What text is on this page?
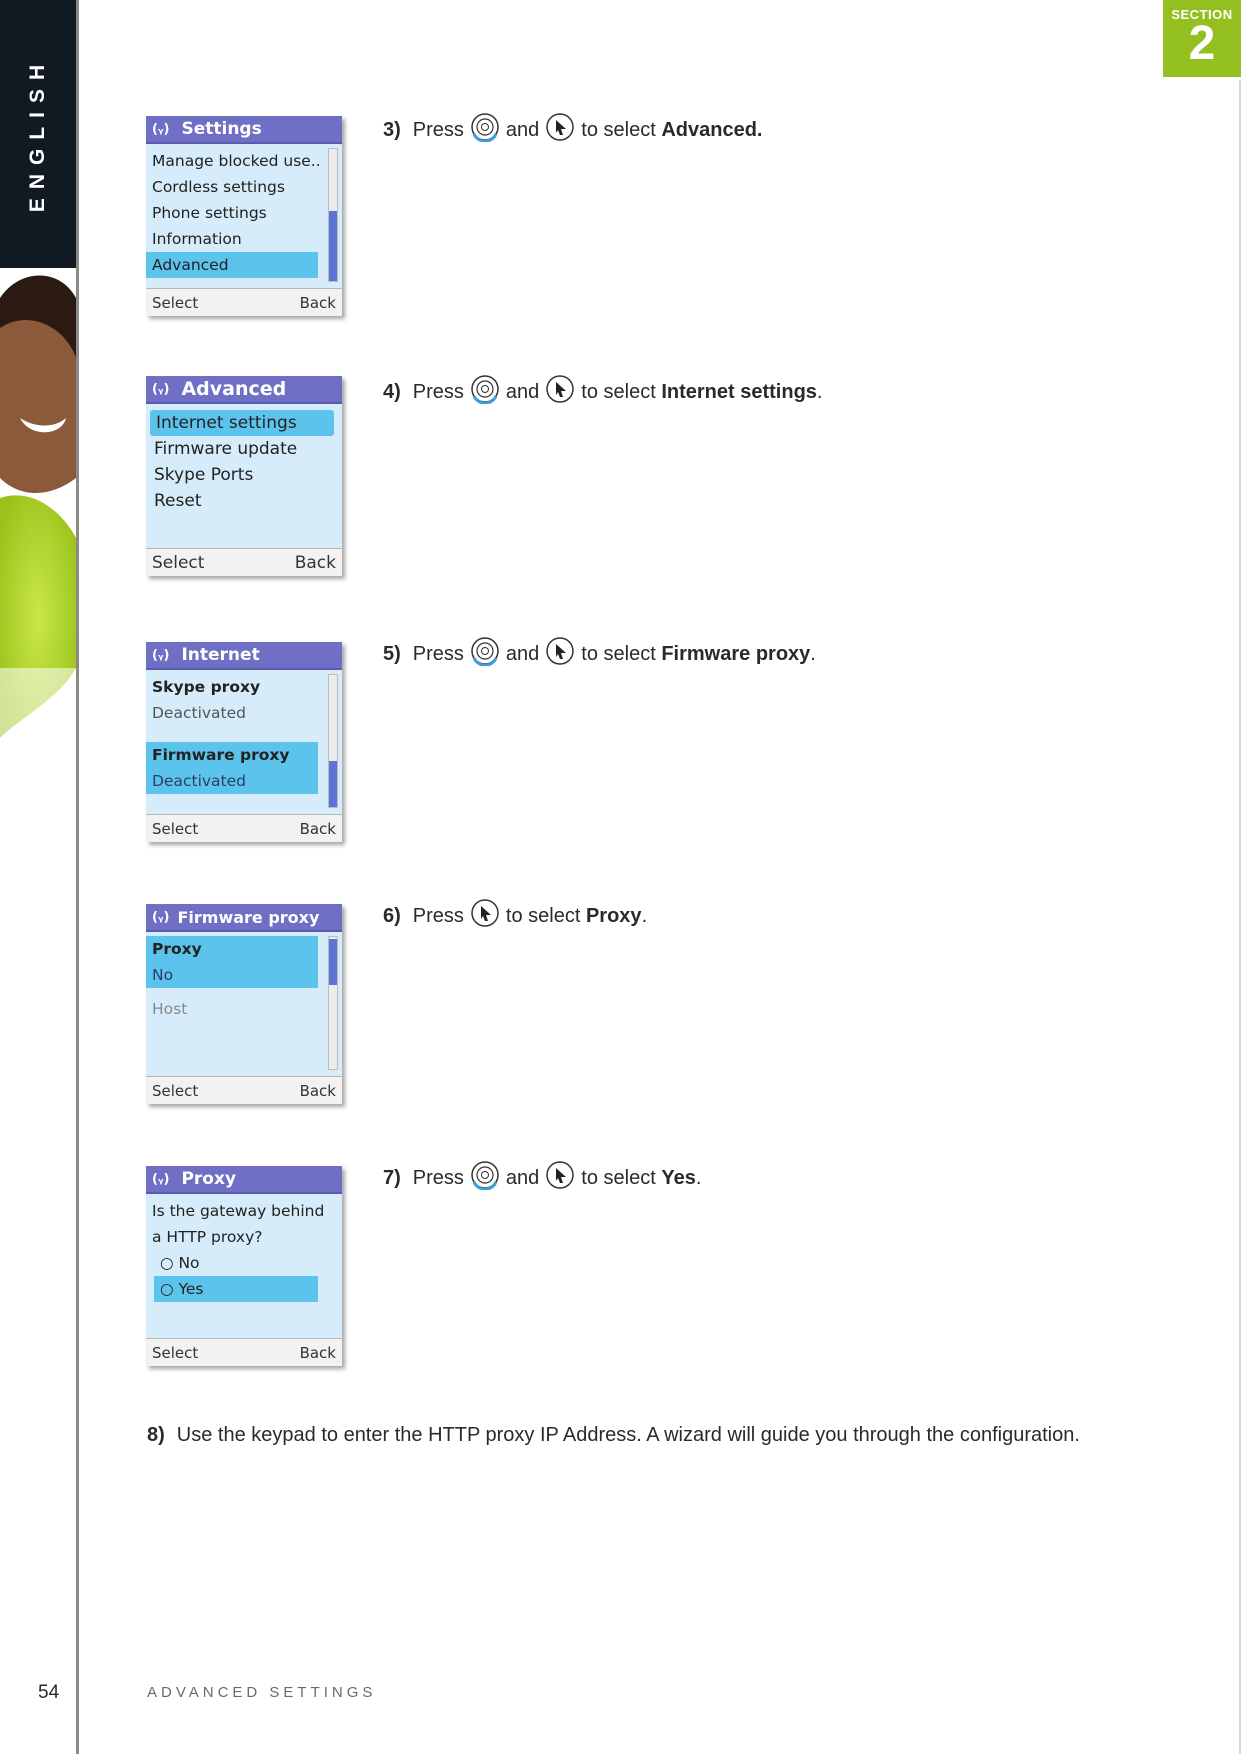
ENGLISH
54
SECTION
2
(ᵧ) Settings
Manage blocked use..
Cordless settings
Phone settings
Information
Advanced
Select	Back
(ᵧ) Advanced
Internet settings
Firmware update
Skype Ports
Reset
Select	Back
(ᵧ) Internet
Skype proxy
Deactivated
Firmware proxy
Deactivated
Select	Back
(ᵧ) Firmware proxy
Proxy
No
Host
Select	Back
(ᵧ) Proxy
Is the gateway behind
a HTTP proxy?
○ No
○ Yes
Select	Back
3) Press and to select
Advanced.
4) Press and to select
Internet settings .
5) Press and to select
Firmware proxy .
6) Press to select
Proxy .
7) Press and to select
Yes .
8) Use the keypad to enter the HTTP proxy IP Address. A wizard will guide you through the configuration.
ADVANCED SETTINGS
